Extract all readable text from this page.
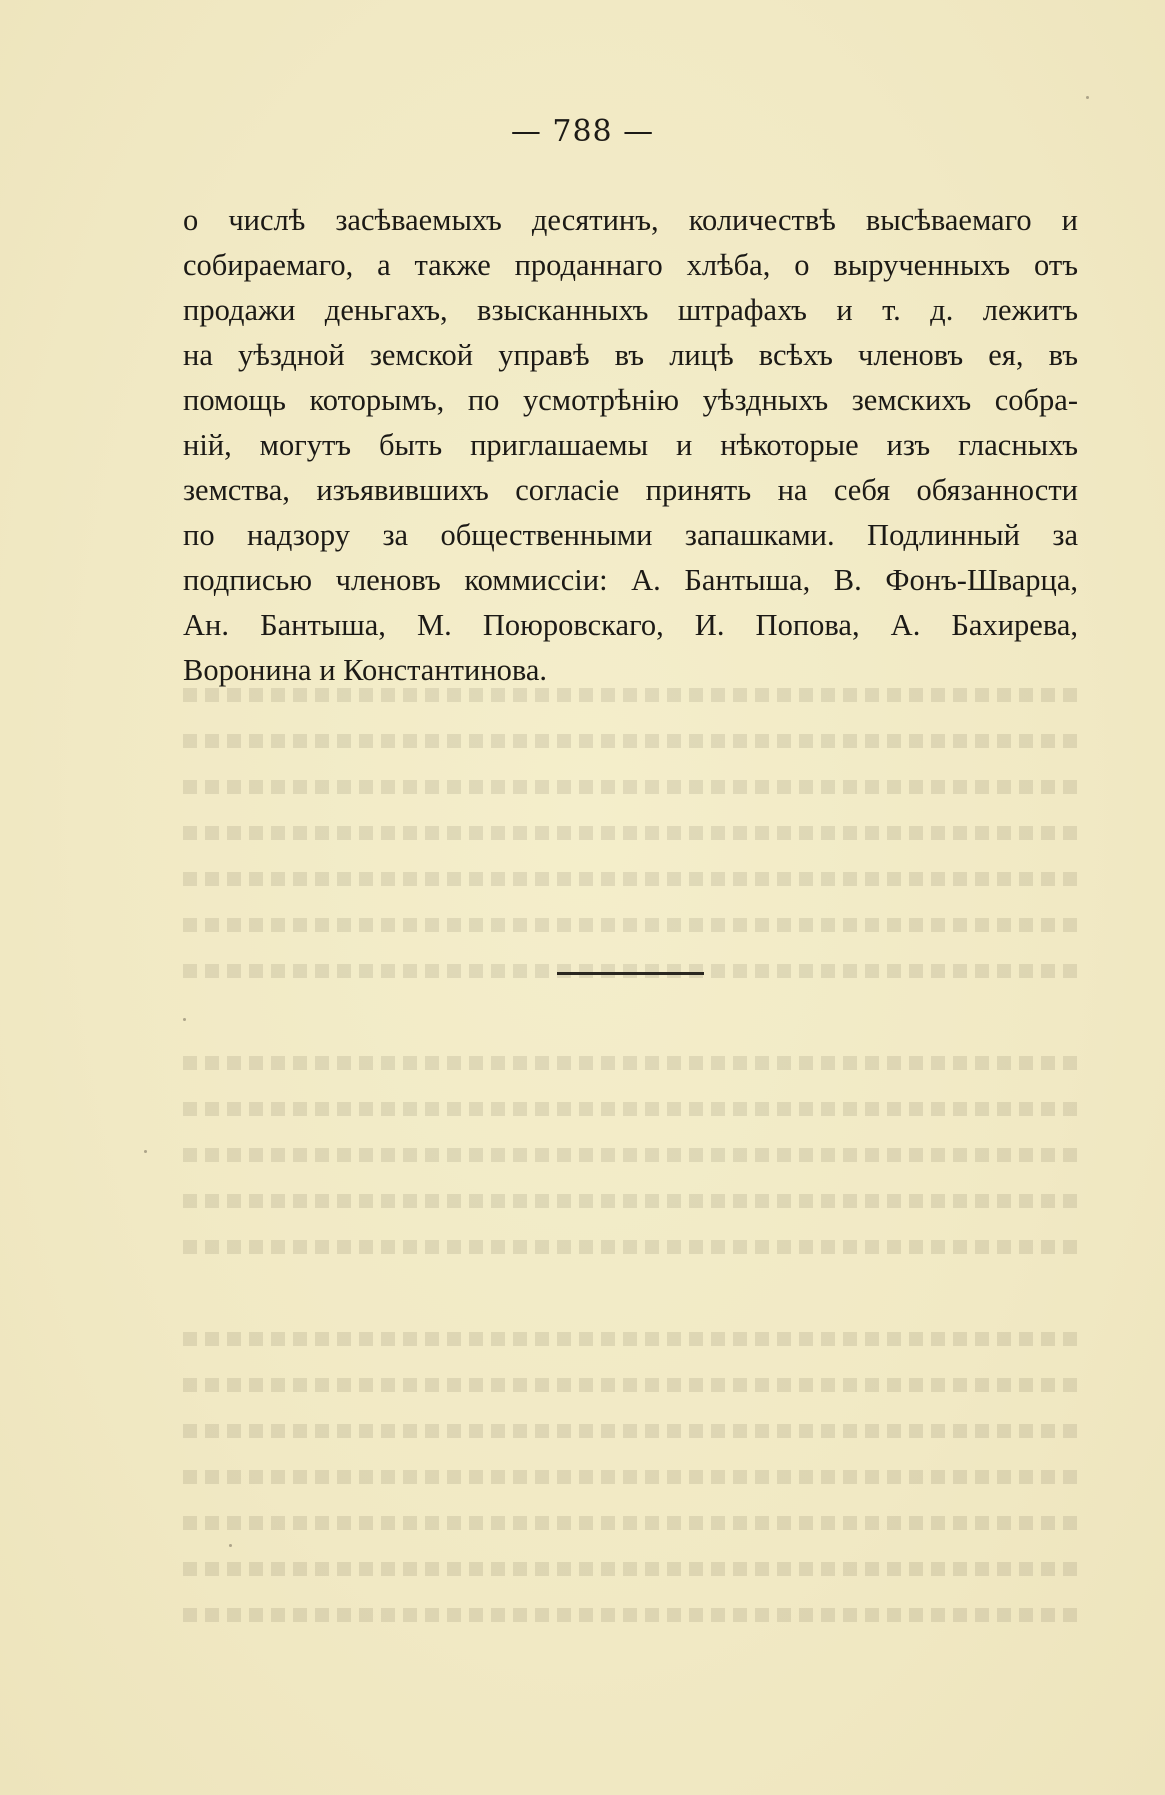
— 788 —
о числѣ засѣваемыхъ десятинъ, количествѣ высѣваемаго и
собираемаго, а также проданнаго хлѣба, о вырученныхъ отъ
продажи деньгахъ, взысканныхъ штрафахъ и т. д. лежитъ
на уѣздной земской управѣ въ лицѣ всѣхъ членовъ ея, въ
помощь которымъ, по усмотрѣнію уѣздныхъ земскихъ собра-
ній, могутъ быть приглашаемы и нѣкоторые изъ гласныхъ
земства, изъявившихъ согласіе принять на себя обязанности
по надзору за общественными запашками. Подлинный за
подписью членовъ коммиссіи: А. Бантыша, В. Фонъ-Шварца,
Ан. Бантыша, М. Поюровскаго, И. Попова, А. Бахирева,
Воронина и Константинова.
